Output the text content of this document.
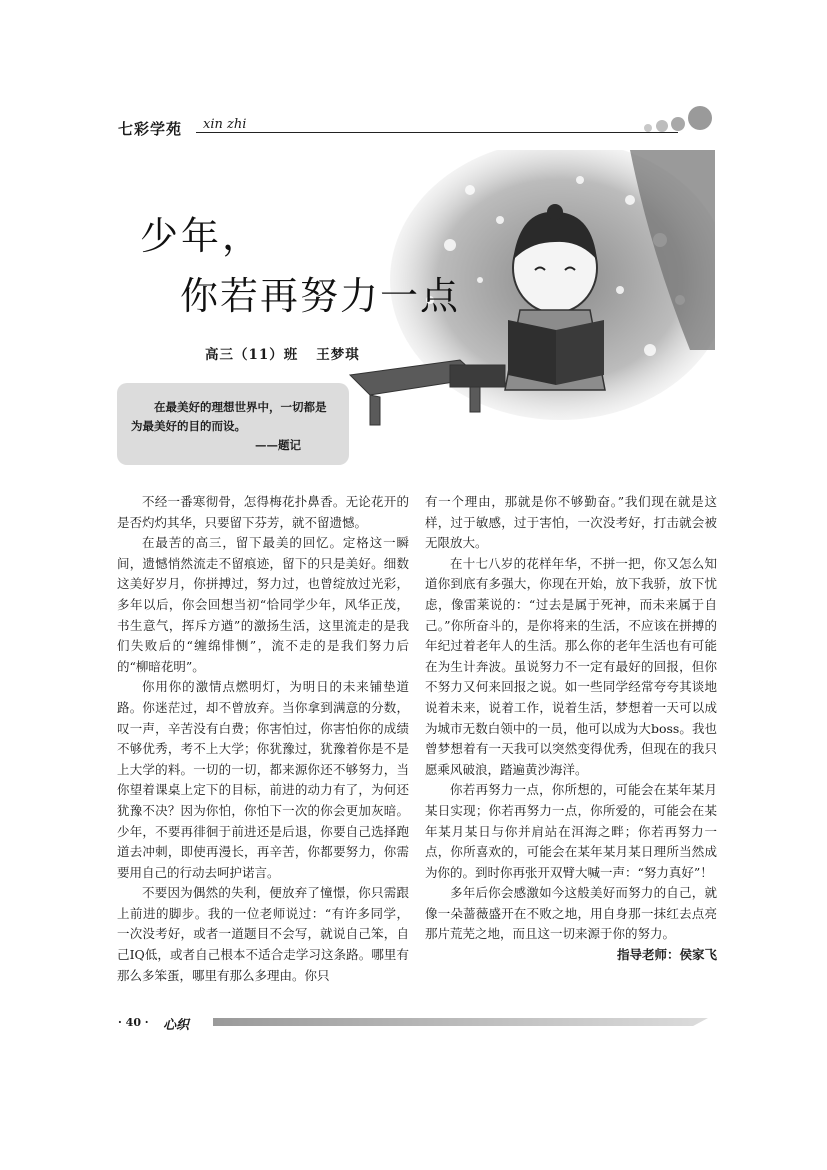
七彩学苑 xin zhi
少年，
你若再努力一点
高三（11）班 王梦琪
在最美好的理想世界中，一切都是为最美好的目的而设。
——题记

不经一番寒彻骨，怎得梅花扑鼻香。无论花开的是否灼灼其华，只要留下芬芳，就不留遗憾。

在最苦的高三，留下最美的回忆。定格这一瞬间，遗憾悄然流走不留痕迹，留下的只是美好。细数这美好岁月，你拼搏过，努力过，也曾绽放过光彩，多年以后，你会回想当初“恰同学少年，风华正茂，书生意气，挥斥方遒”的激扬生活，这里流走的是我们失败后的“缠绵悱恻”，流不走的是我们努力后的“柳暗花明”。

你用你的激情点燃明灯，为明日的未来铺垫道路。你迷茫过，却不曾放弃。当你拿到满意的分数，叹一声，辛苦没有白费；你害怕过，你害怕你的成绩不够优秀，考不上大学；你犹豫过，犹豫着你是不是上大学的料。一切的一切，都来源你还不够努力，当你望着课桌上定下的目标，前进的动力有了，为何还犹豫不决？因为你怕，你怕下一次的你会更加灰暗。少年，不要再徘徊于前进还是后退，你要自己选择跑道去冲刺，即使再漫长，再辛苦，你都要努力，你需要用自己的行动去呵护诺言。

不要因为偶然的失利，便放弃了憧憬，你只需跟上前进的脚步。我的一位老师说过：“有许多同学，一次没考好，或者一道题目不会写，就说自己笨，自己IQ低，或者自己根本不适合走学习这条路。哪里有那么多笨蛋，哪里有那么多理由。你只

有一个理由，那就是你不够勤奋。”我们现在就是这样，过于敏感，过于害怕，一次没考好，打击就会被无限放大。

在十七八岁的花样年华，不拼一把，你又怎么知道你到底有多强大，你现在开始，放下我骄，放下忧虑，像雷莱说的：“过去是属于死神，而未来属于自己。”你所奋斗的，是你将来的生活，不应该在拼搏的年纪过着老年人的生活。那么你的老年生活也有可能在为生计奔波。虽说努力不一定有最好的回报，但你不努力又何来回报之说。如一些同学经常夸夸其谈地说着未来，说着工作，说着生活，梦想着一天可以成为城市无数白领中的一员，他可以成为大boss。我也曾梦想着有一天我可以突然变得优秀，但现在的我只愿乘风破浪，踏遍黄沙海洋。

你若再努力一点，你所想的，可能会在某年某月某日实现；你若再努力一点，你所爱的，可能会在某年某月某日与你并肩站在洱海之畔；你若再努力一点，你所喜欢的，可能会在某年某月某日理所当然成为你的。到时你再张开双臂大喊一声：“努力真好”！

多年后你会感激如今这般美好而努力的自己，就像一朵蔷薇盛开在不败之地，用自身那一抹红去点亮那片荒芜之地，而且这一切来源于你的努力。

指导老师：侯家飞

· 40 · 心织
